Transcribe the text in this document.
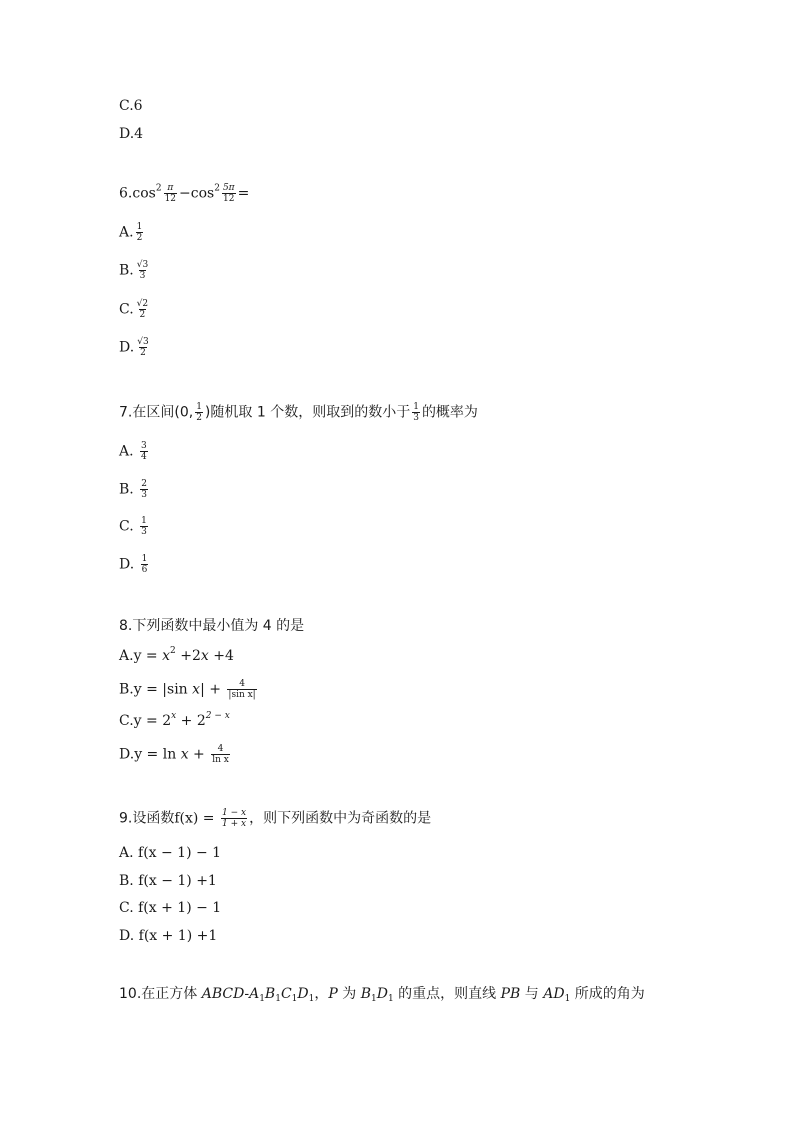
C.6
D.4
$6.\cos^2 \frac{\pi}{12} -\cos^2 \frac{5\pi}{12}$ =
A. $\frac{1}{2}$
B. $\frac{√3}{3}$
C. $\frac{√2}{2}$
D. $\frac{√3}{2}$
7.在区间(0, $\frac{1}{2}$ )随机取 1 个数，则取到的数小于 $\frac{1}{3}$ 的概率为
A. $\frac{3}{4}$
B. $\frac{2}{3}$
C. $\frac{1}{3}$
D. $\frac{1}{6}$
8.下列函数中最小值为 4 的是
$A.y = x^2 +2x +4$
B.y = |sin $x| + \frac{4}{\text{|sin x|}}$
$C.y = 2^x + 2^{2 - x}$
$D.y = \ln x + \frac{4}{\text{ln x}}$
9.设函数$f(x) = \frac{1 - x}{1 + x}$ ，则下列函数中为奇函数的是
A. f(x − 1) − 1
B. f(x − 1) +1
C. f(x + 1) − 1
D. f(x + 1) +1
10.在正方体 ABCD-$A_1B_1C_1D_1$，P 为 $B_1D_1$ 的重点，则直线 PB 与 $AD_1$ 所成的角为
